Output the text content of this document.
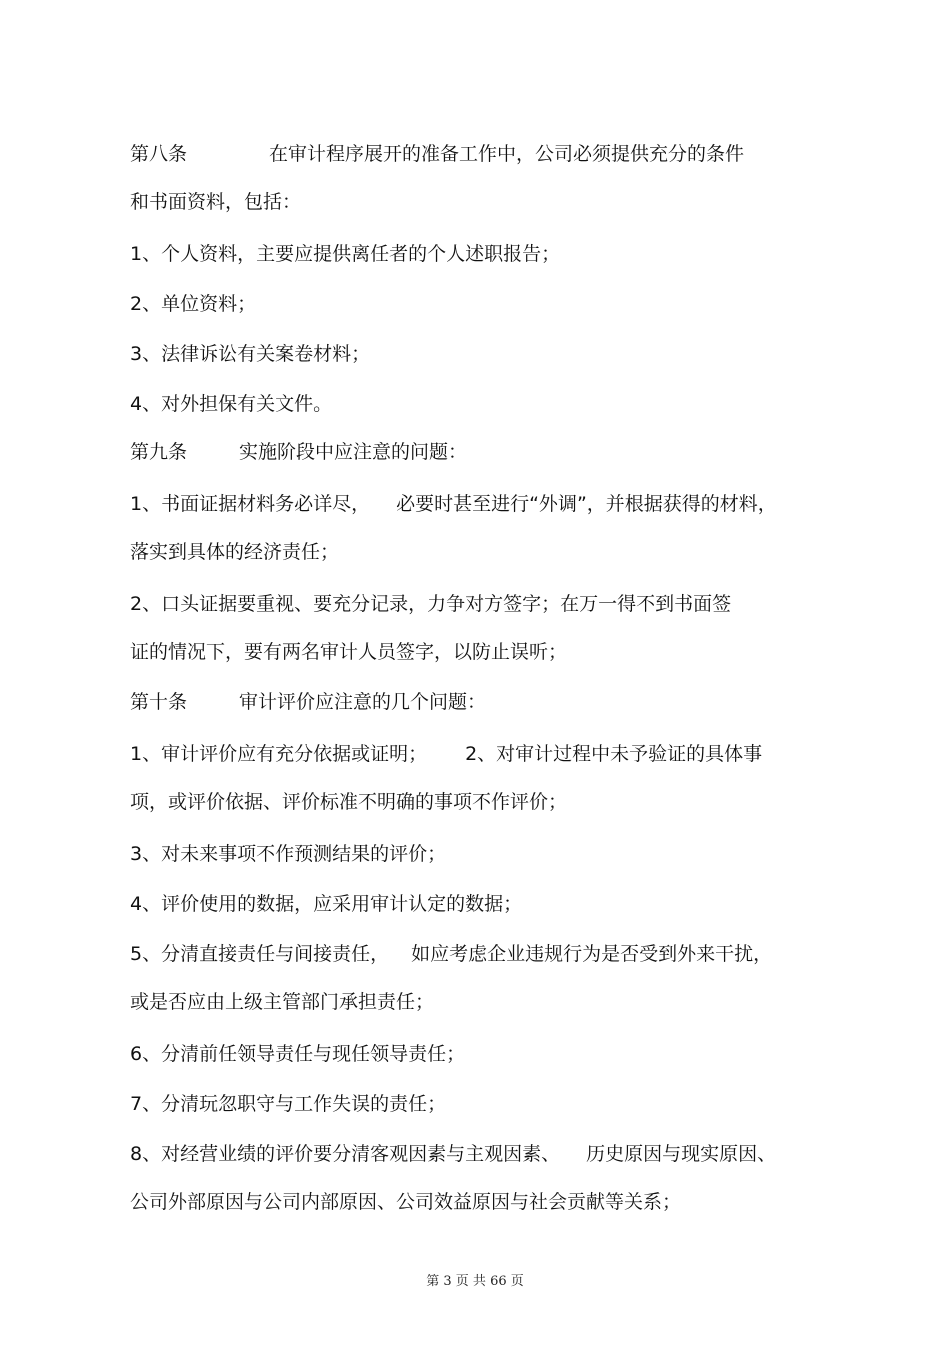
第八条	在审计程序展开的准备工作中，公司必须提供充分的条件
和书面资料，包括：
1、个人资料，主要应提供离任者的个人述职报告；
2、单位资料；
3、法律诉讼有关案卷材料；
4、对外担保有关文件。
第九条	实施阶段中应注意的问题：
1、书面证据材料务必详尽， 必要时甚至进行“外调”，并根据获得的材料，
落实到具体的经济责任；
2、口头证据要重视、要充分记录，力争对方签字；在万一得不到书面签
证的情况下，要有两名审计人员签字，以防止误听；
第十条	审计评价应注意的几个问题：
1、审计评价应有充分依据或证明； 2、对审计过程中未予验证的具体事
项，或评价依据、评价标准不明确的事项不作评价；
3、对未来事项不作预测结果的评价；
4、评价使用的数据，应采用审计认定的数据；
5、分清直接责任与间接责任， 如应考虑企业违规行为是否受到外来干扰，
或是否应由上级主管部门承担责任；
6、分清前任领导责任与现任领导责任；
7、分清玩忽职守与工作失误的责任；
8、对经营业绩的评价要分清客观因素与主观因素、 历史原因与现实原因、
公司外部原因与公司内部原因、公司效益原因与社会贡献等关系；
第 3 页 共 66 页
